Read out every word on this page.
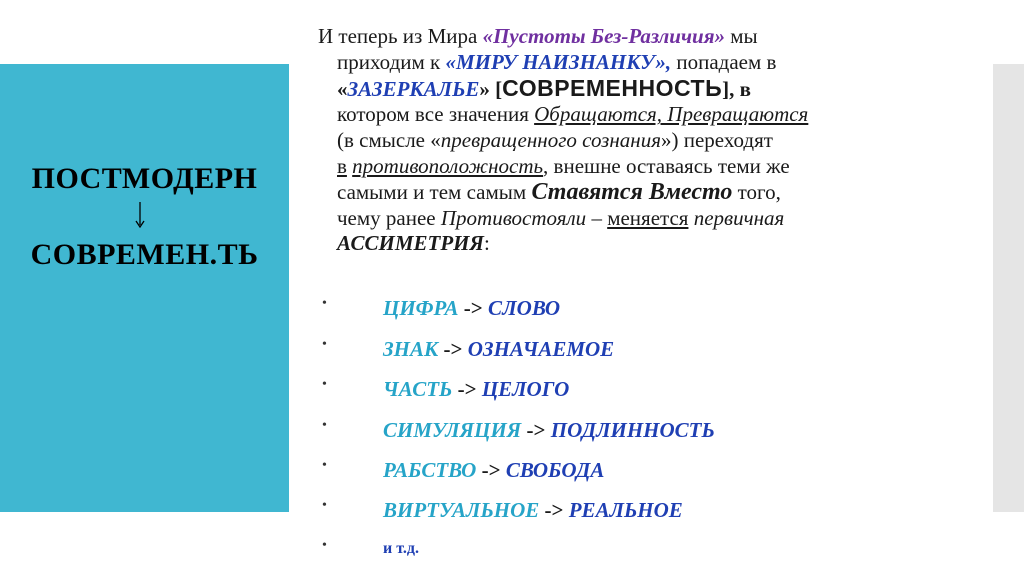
ПОСТМОДЕРН
СОВРЕМЕН.ТЬ
И теперь из Мира «Пустоты Без-Различия» мы
приходим к «МИРУ НАИЗНАНКУ», попадаем в
«ЗАЗЕРКАЛЬЕ» [СОВРЕМЕННОСТЬ], в
котором все значения Обращаются, Превращаются
(в смысле «превращенного сознания») переходят
в противоположность, внешне оставаясь теми же
самыми и тем самым Ставятся Вместо того,
чему ранее Противостояли – меняется первичная
АССИМЕТРИЯ:
•	ЦИФРА -> СЛОВО
•	ЗНАК -> ОЗНАЧАЕМОЕ
•	ЧАСТЬ -> ЦЕЛОГО
•	СИМУЛЯЦИЯ -> ПОДЛИННОСТЬ
•	РАБСТВО -> СВОБОДА
•	ВИРТУАЛЬНОЕ -> РЕАЛЬНОЕ
•	и т.д.
